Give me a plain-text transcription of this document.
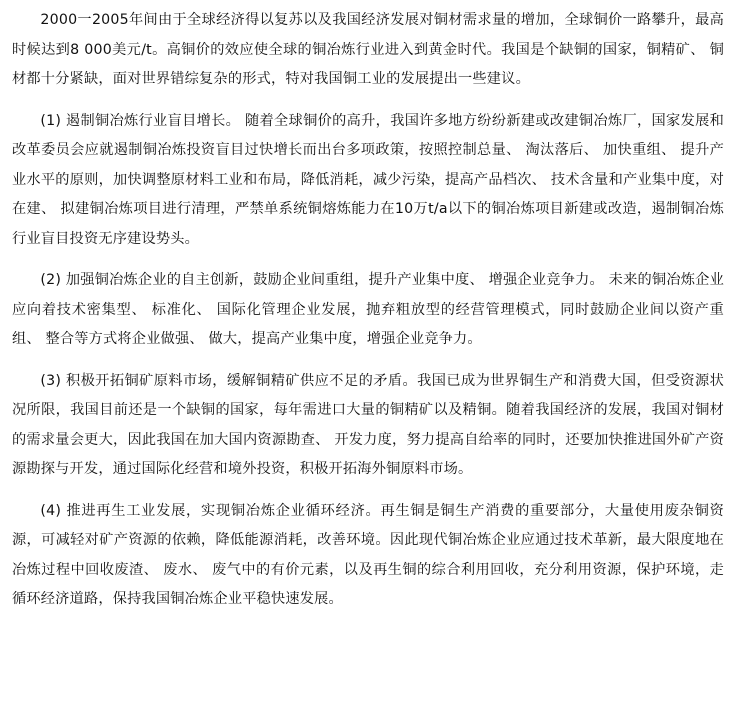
2000一2005年间由于全球经济得以复苏以及我国经济发展对铜材需求量的增加，全球铜价一路攀升，最高时候达到8 000美元/t。高铜价的效应使全球的铜冶炼行业进入到黄金时代。我国是个缺铜的国家，铜精矿、 铜材都十分紧缺，面对世界错综复杂的形式，特对我国铜工业的发展提出一些建议。

(1) 遏制铜冶炼行业盲目增长。 随着全球铜价的高升，我国许多地方纷纷新建或改建铜冶炼厂，国家发展和改革委员会应就遏制铜冶炼投资盲目过快增长而出台多项政策，按照控制总量、 淘汰落后、 加快重组、 提升产业水平的原则，加快调整原材料工业和布局，降低消耗，减少污染，提高产品档次、 技术含量和产业集中度，对在建、 拟建铜冶炼项目进行清理，严禁单系统铜熔炼能力在10万t/a以下的铜冶炼项目新建或改造，遏制铜冶炼行业盲目投资无序建设势头。

(2) 加强铜冶炼企业的自主创新，鼓励企业间重组，提升产业集中度、 增强企业竞争力。 未来的铜冶炼企业应向着技术密集型、 标准化、 国际化管理企业发展，抛弃粗放型的经营管理模式，同时鼓励企业间以资产重组、 整合等方式将企业做强、 做大，提高产业集中度，增强企业竞争力。

(3) 积极开拓铜矿原料市场，缓解铜精矿供应不足的矛盾。我国已成为世界铜生产和消费大国，但受资源状况所限，我国目前还是一个缺铜的国家，每年需进口大量的铜精矿以及精铜。随着我国经济的发展，我国对铜材的需求量会更大，因此我国在加大国内资源勘查、 开发力度，努力提高自给率的同时，还要加快推进国外矿产资源勘探与开发，通过国际化经营和境外投资，积极开拓海外铜原料市场。

(4) 推进再生工业发展，实现铜冶炼企业循环经济。再生铜是铜生产消费的重要部分，大量使用废杂铜资源，可减轻对矿产资源的依赖，降低能源消耗，改善环境。因此现代铜冶炼企业应通过技术革新，最大限度地在冶炼过程中回收废渣、 废水、 废气中的有价元素，以及再生铜的综合利用回收，充分利用资源，保护环境，走循环经济道路，保持我国铜冶炼企业平稳快速发展。
